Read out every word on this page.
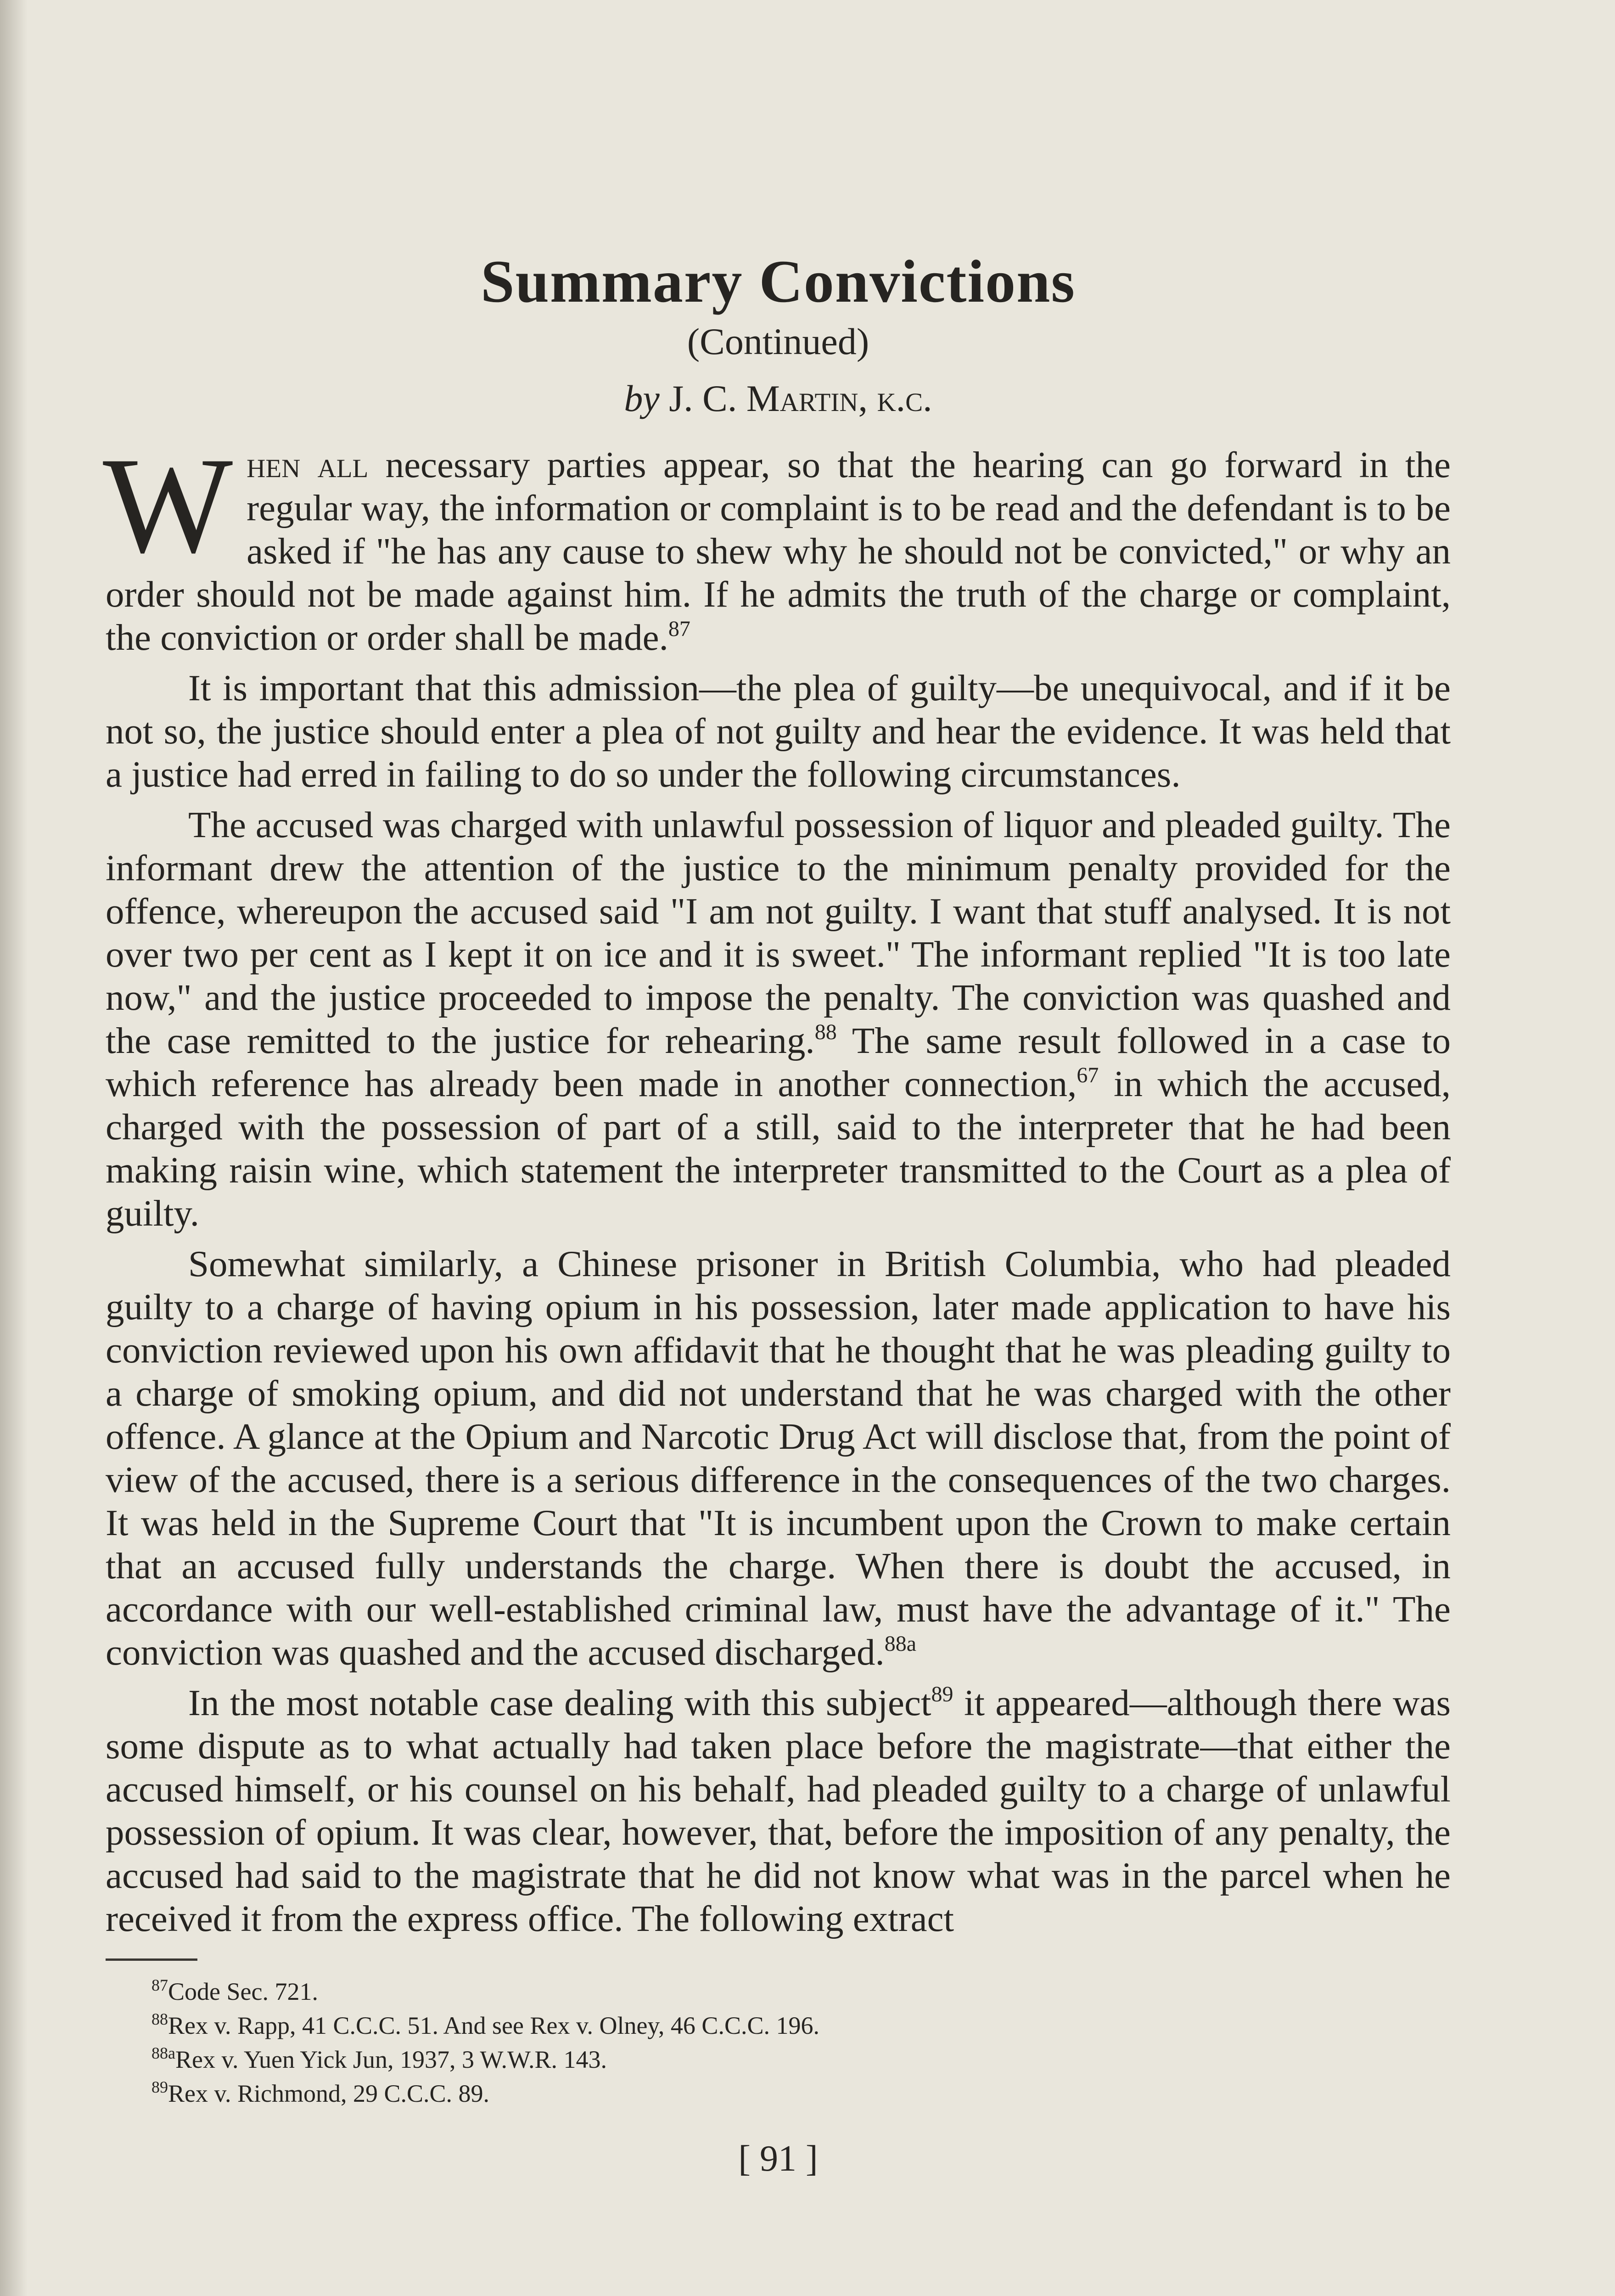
Summary Convictions
(Continued)
by J. C. Martin, k.c.

When all necessary parties appear, so that the hearing can go forward in the regular way, the information or complaint is to be read and the defendant is to be asked if "he has any cause to shew why he should not be convicted," or why an order should not be made against him. If he admits the truth of the charge or complaint, the conviction or order shall be made.$^{87}$

It is important that this admission—the plea of guilty—be unequivocal, and if it be not so, the justice should enter a plea of not guilty and hear the evidence. It was held that a justice had erred in failing to do so under the following circumstances.

The accused was charged with unlawful possession of liquor and pleaded guilty. The informant drew the attention of the justice to the minimum penalty provided for the offence, whereupon the accused said "I am not guilty. I want that stuff analysed. It is not over two per cent as I kept it on ice and it is sweet." The informant replied "It is too late now," and the justice proceeded to impose the penalty. The conviction was quashed and the case remitted to the justice for rehearing.$^{88}$ The same result followed in a case to which reference has already been made in another connection,$^{67}$ in which the accused, charged with the possession of part of a still, said to the interpreter that he had been making raisin wine, which statement the interpreter transmitted to the Court as a plea of guilty.

Somewhat similarly, a Chinese prisoner in British Columbia, who had pleaded guilty to a charge of having opium in his possession, later made application to have his conviction reviewed upon his own affidavit that he thought that he was pleading guilty to a charge of smoking opium, and did not understand that he was charged with the other offence. A glance at the Opium and Narcotic Drug Act will disclose that, from the point of view of the accused, there is a serious difference in the consequences of the two charges. It was held in the Supreme Court that "It is incumbent upon the Crown to make certain that an accused fully understands the charge. When there is doubt the accused, in accordance with our well-established criminal law, must have the advantage of it." The conviction was quashed and the accused discharged.$^{88a}$

In the most notable case dealing with this subject$^{89}$ it appeared—although there was some dispute as to what actually had taken place before the magistrate—that either the accused himself, or his counsel on his behalf, had pleaded guilty to a charge of unlawful possession of opium. It was clear, however, that, before the imposition of any penalty, the accused had said to the magistrate that he did not know what was in the parcel when he received it from the express office. The following extract

$^{87}$Code Sec. 721.
$^{88}$Rex v. Rapp, 41 C.C.C. 51. And see Rex v. Olney, 46 C.C.C. 196.
$^{88a}$Rex v. Yuen Yick Jun, 1937, 3 W.W.R. 143.
$^{89}$Rex v. Richmond, 29 C.C.C. 89.
[ 91 ]
